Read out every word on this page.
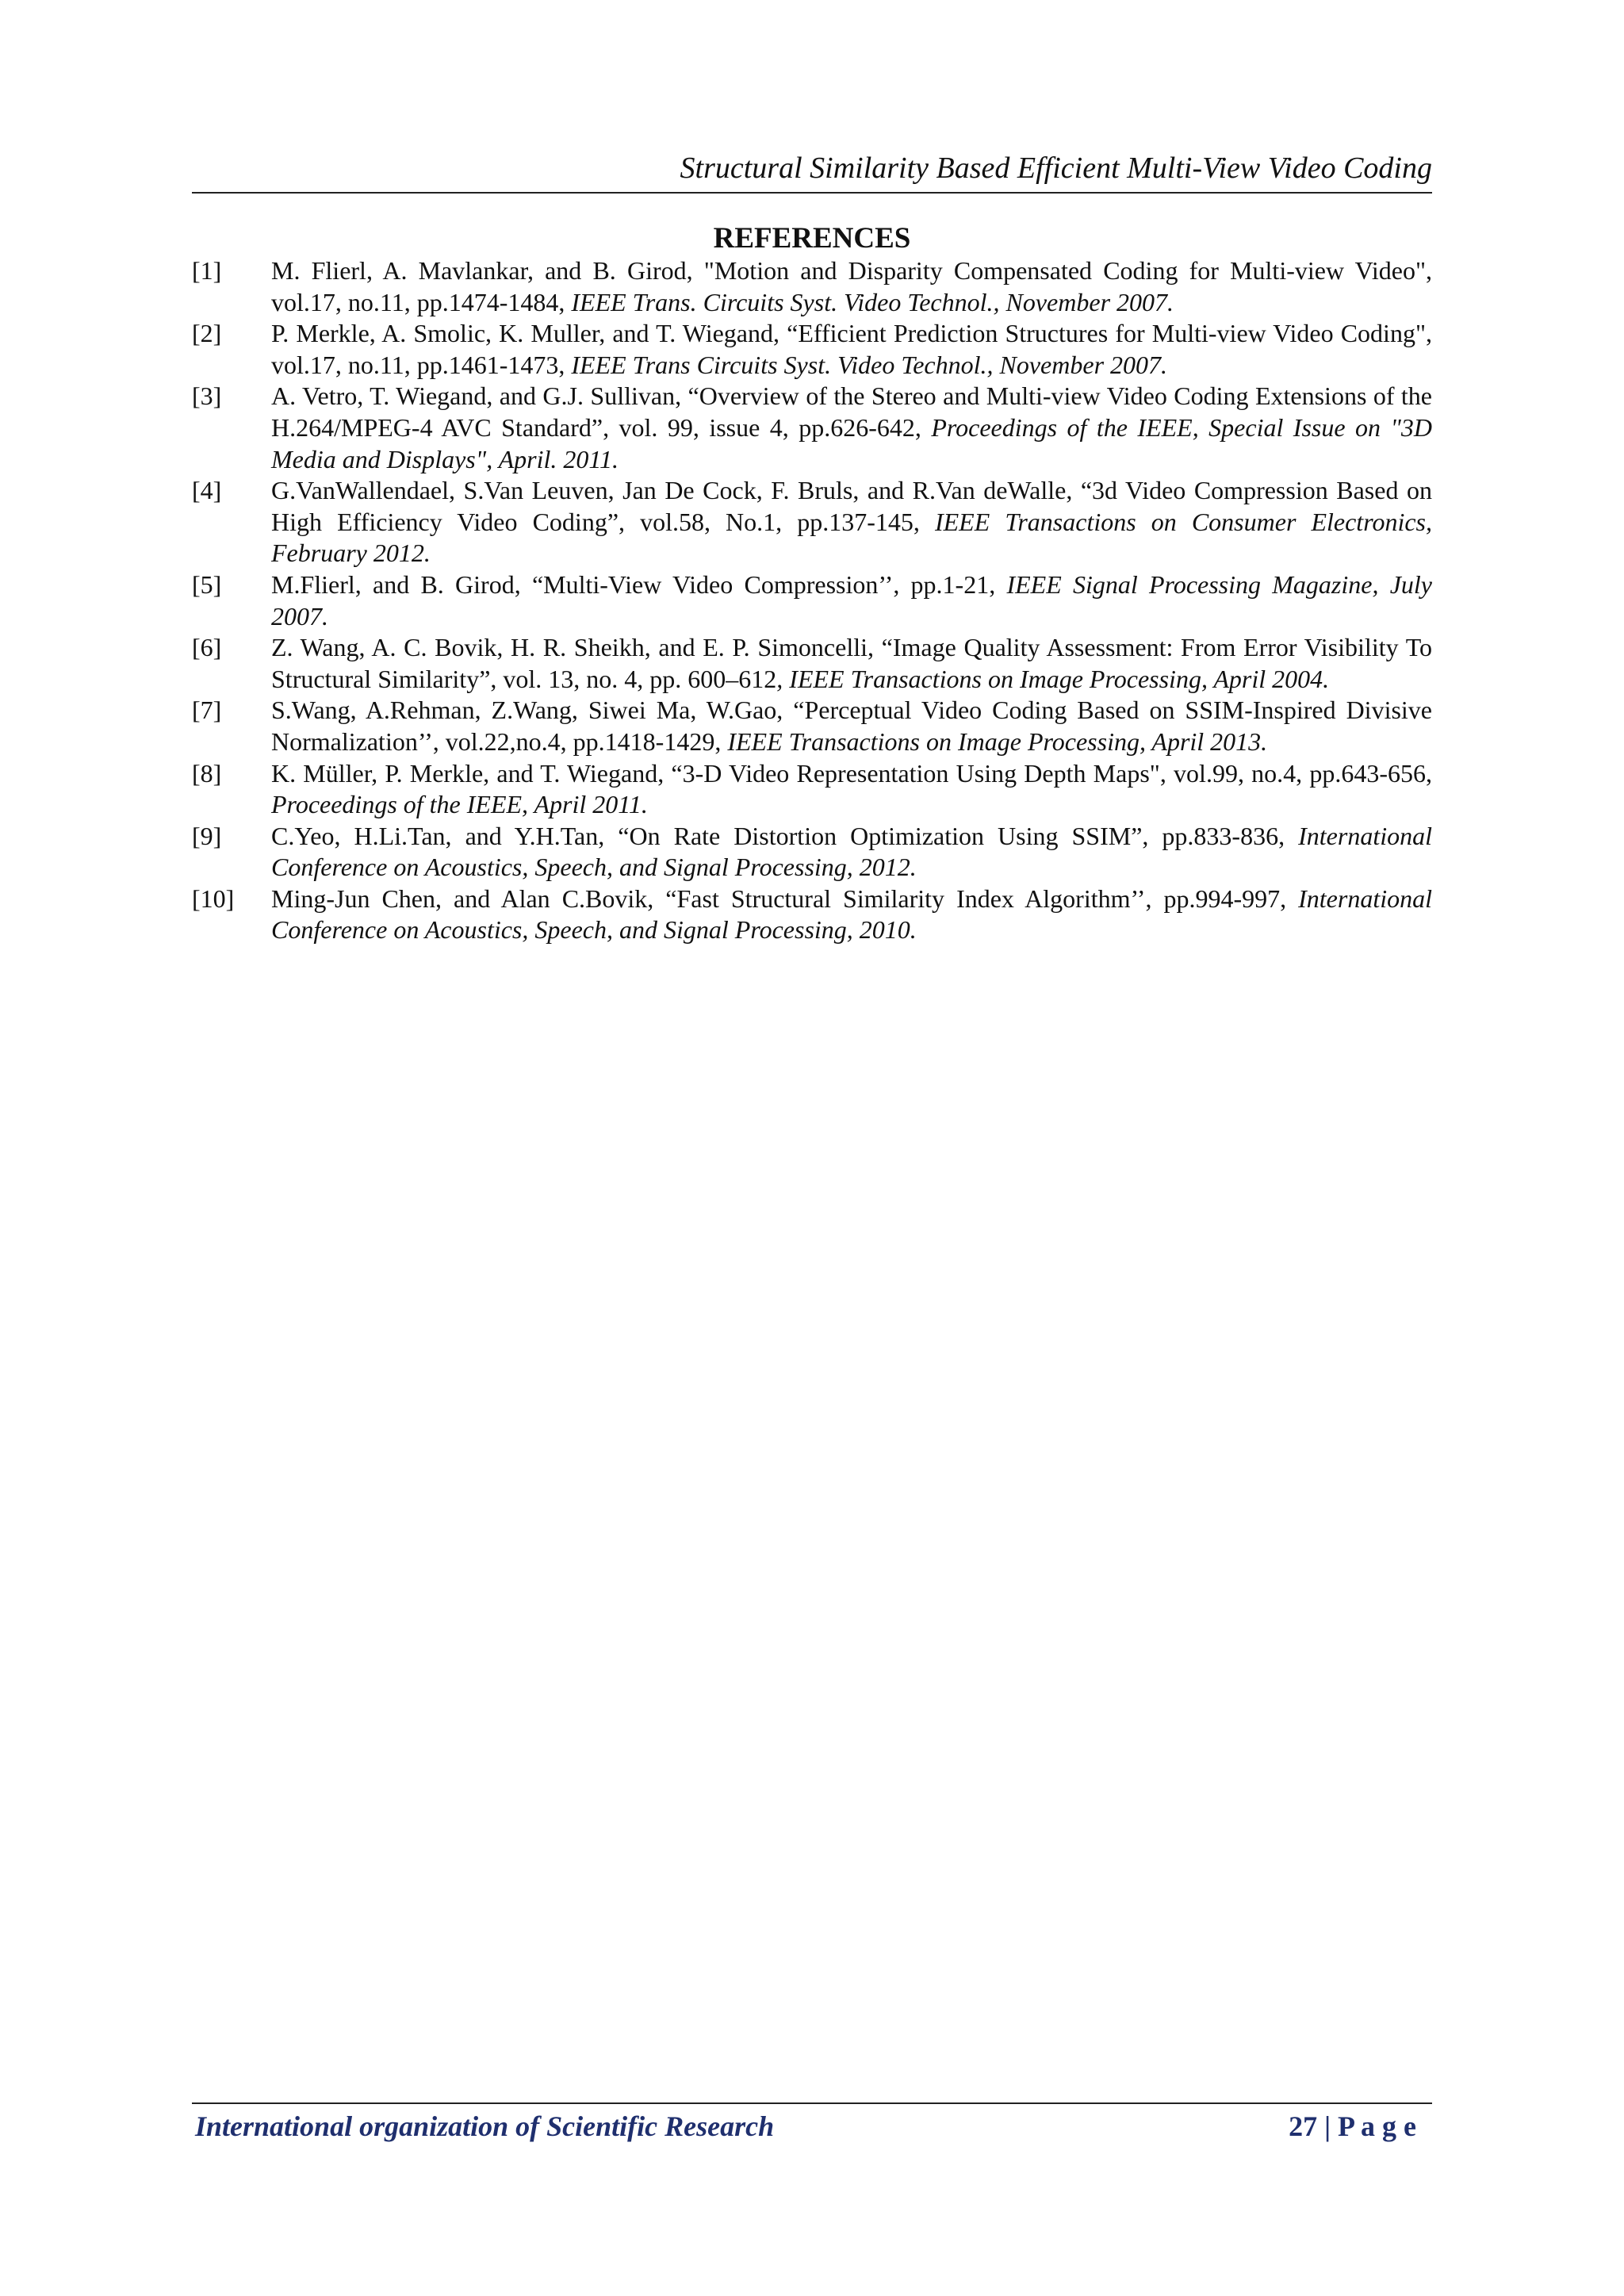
Structural Similarity Based Efficient Multi-View Video Coding
REFERENCES
[1]	M. Flierl, A. Mavlankar, and B. Girod, "Motion and Disparity Compensated Coding for Multi-view Video", vol.17, no.11, pp.1474-1484, IEEE Trans. Circuits Syst. Video Technol., November 2007.
[2]	P. Merkle, A. Smolic, K. Muller, and T. Wiegand, “Efficient Prediction Structures for Multi-view Video Coding", vol.17, no.11, pp.1461-1473, IEEE Trans Circuits Syst. Video Technol., November 2007.
[3]	A. Vetro, T. Wiegand, and G.J. Sullivan, “Overview of the Stereo and Multi-view Video Coding Extensions of the H.264/MPEG-4 AVC Standard”, vol. 99, issue 4, pp.626-642, Proceedings of the IEEE, Special Issue on "3D Media and Displays", April. 2011.
[4]	G.VanWallendael, S.Van Leuven, Jan De Cock, F. Bruls, and R.Van deWalle, “3d Video Compression Based on High Efficiency Video Coding”, vol.58, No.1, pp.137-145, IEEE Transactions on Consumer Electronics, February 2012.
[5]	M.Flierl, and B. Girod, “Multi-View Video Compression’’, pp.1-21, IEEE Signal Processing Magazine, July 2007.
[6]	Z. Wang, A. C. Bovik, H. R. Sheikh, and E. P. Simoncelli, “Image Quality Assessment: From Error Visibility To Structural Similarity”, vol. 13, no. 4, pp. 600–612, IEEE Transactions on Image Processing, April 2004.
[7]	S.Wang, A.Rehman, Z.Wang, Siwei Ma, W.Gao, “Perceptual Video Coding Based on SSIM-Inspired Divisive Normalization’’, vol.22,no.4, pp.1418-1429, IEEE Transactions on Image Processing, April 2013.
[8]	K. Müller, P. Merkle, and T. Wiegand, “3-D Video Representation Using Depth Maps", vol.99, no.4, pp.643-656, Proceedings of the IEEE, April 2011.
[9]	C.Yeo, H.Li.Tan, and Y.H.Tan, “On Rate Distortion Optimization Using SSIM”, pp.833-836, International Conference on Acoustics, Speech, and Signal Processing, 2012.
[10]	Ming-Jun Chen, and Alan C.Bovik, “Fast Structural Similarity Index Algorithm’’, pp.994-997, International Conference on Acoustics, Speech, and Signal Processing, 2010.
International organization of Scientific Research	27 | P a g e
